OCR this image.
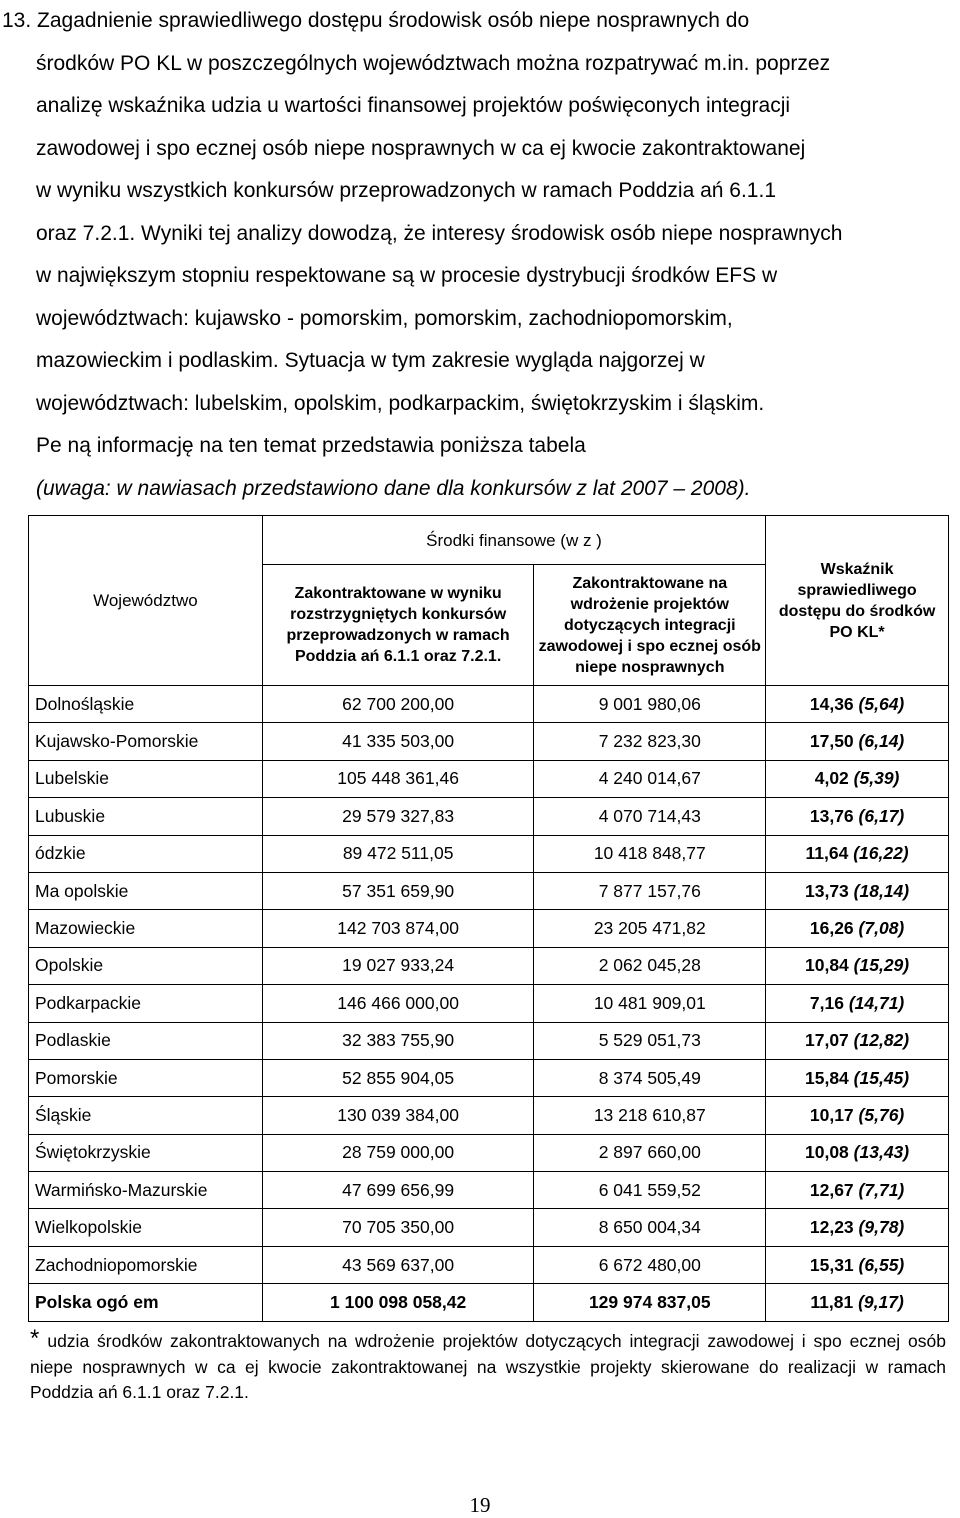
13. Zagadnienie sprawiedliwego dostępu środowisk osób niepe nosprawnych do
środków PO KL w poszczególnych województwach można rozpatrywać m.in. poprzez
analizę wskaźnika udzia u wartości finansowej projektów poświęconych integracji
zawodowej i spo ecznej osób niepe nosprawnych w ca ej kwocie zakontraktowanej
w wyniku wszystkich konkursów przeprowadzonych w ramach Poddzia ań 6.1.1
oraz 7.2.1. Wyniki tej analizy dowodzą, że interesy środowisk osób niepe nosprawnych
w największym stopniu respektowane są w procesie dystrybucji środków EFS w
województwach: kujawsko - pomorskim, pomorskim, zachodniopomorskim,
mazowieckim i podlaskim. Sytuacja w tym zakresie wygląda najgorzej w
województwach: lubelskim, opolskim, podkarpackim, świętokrzyskim i śląskim.
Pe ną informację na ten temat przedstawia poniższa tabela
(uwaga: w nawiasach przedstawiono dane dla konkursów z lat 2007 – 2008).
Województwo	Środki finansowe (w z )		Wskaźnik sprawiedliwego dostępu do środków PO KL*
	Zakontraktowane w wyniku rozstrzygniętych konkursów przeprowadzonych w ramach Poddzia ań 6.1.1 oraz 7.2.1.	Zakontraktowane na wdrożenie projektów dotyczących integracji zawodowej i spo ecznej osób niepe nosprawnych	
Dolnośląskie	62 700 200,00	9 001 980,06	14,36 (5,64)
Kujawsko-Pomorskie	41 335 503,00	7 232 823,30	17,50 (6,14)
Lubelskie	105 448 361,46	4 240 014,67	4,02 (5,39)
Lubuskie	29 579 327,83	4 070 714,43	13,76 (6,17)
ódzkie	89 472 511,05	10 418 848,77	11,64 (16,22)
Ma opolskie	57 351 659,90	7 877 157,76	13,73 (18,14)
Mazowieckie	142 703 874,00	23 205 471,82	16,26 (7,08)
Opolskie	19 027 933,24	2 062 045,28	10,84 (15,29)
Podkarpackie	146 466 000,00	10 481 909,01	7,16 (14,71)
Podlaskie	32 383 755,90	5 529 051,73	17,07 (12,82)
Pomorskie	52 855 904,05	8 374 505,49	15,84 (15,45)
Śląskie	130 039 384,00	13 218 610,87	10,17 (5,76)
Świętokrzyskie	28 759 000,00	2 897 660,00	10,08 (13,43)
Warmińsko-Mazurskie	47 699 656,99	6 041 559,52	12,67 (7,71)
Wielkopolskie	70 705 350,00	8 650 004,34	12,23 (9,78)
Zachodniopomorskie	43 569 637,00	6 672 480,00	15,31 (6,55)
Polska ogó em	1 100 098 058,42	129 974 837,05	11,81 (9,17)
* udzia środków zakontraktowanych na wdrożenie projektów dotyczących integracji zawodowej i spo ecznej osób niepe nosprawnych w ca ej kwocie zakontraktowanej na wszystkie projekty skierowane do realizacji w ramach Poddzia ań 6.1.1 oraz 7.2.1.
19
